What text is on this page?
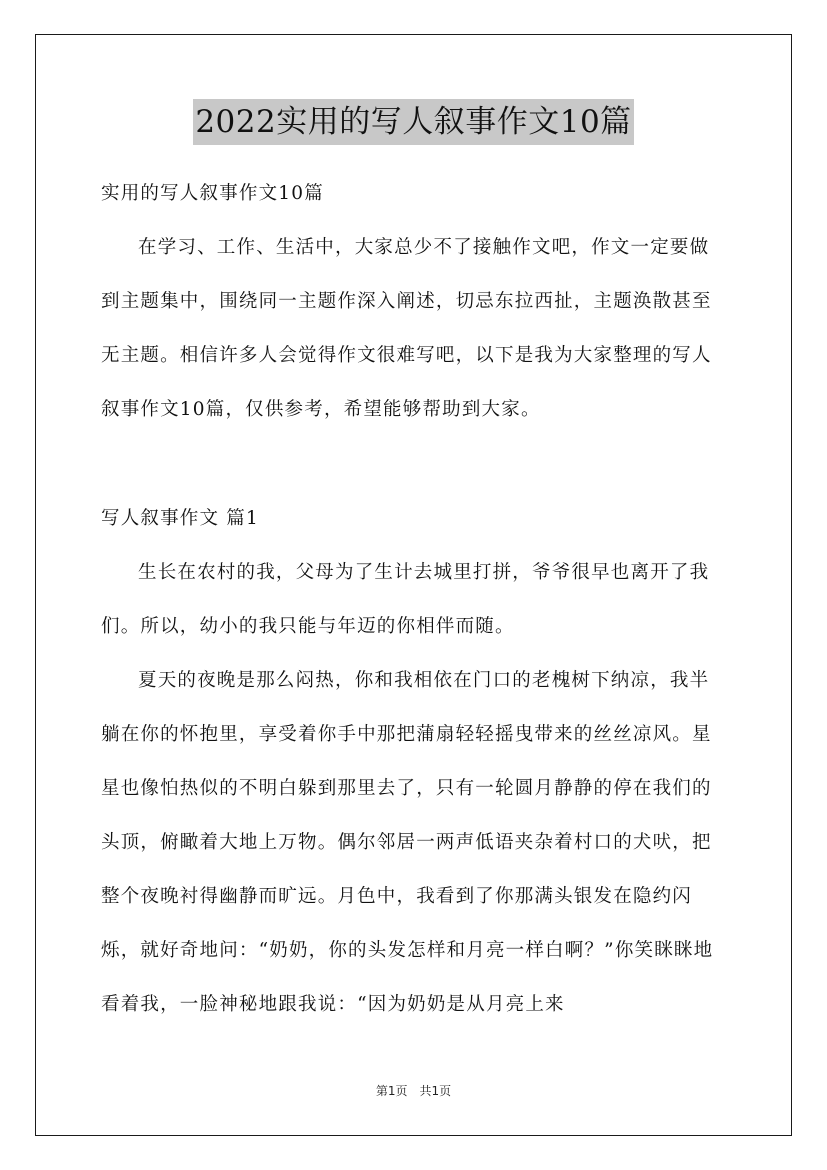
2022实用的写人叙事作文10篇

实用的写人叙事作文10篇

在学习、工作、生活中，大家总少不了接触作文吧，作文一定要做到主题集中，围绕同一主题作深入阐述，切忌东拉西扯，主题涣散甚至无主题。相信许多人会觉得作文很难写吧，以下是我为大家整理的写人叙事作文10篇，仅供参考，希望能够帮助到大家。

写人叙事作文 篇1

生长在农村的我，父母为了生计去城里打拼，爷爷很早也离开了我们。所以，幼小的我只能与年迈的你相伴而随。

夏天的夜晚是那么闷热，你和我相依在门口的老槐树下纳凉，我半躺在你的怀抱里，享受着你手中那把蒲扇轻轻摇曳带来的丝丝凉风。星星也像怕热似的不明白躲到那里去了，只有一轮圆月静静的停在我们的头顶，俯瞰着大地上万物。偶尔邻居一两声低语夹杂着村口的犬吠，把整个夜晚衬得幽静而旷远。月色中，我看到了你那满头银发在隐约闪烁，就好奇地问：“奶奶，你的头发怎样和月亮一样白啊？”你笑眯眯地看着我，一脸神秘地跟我说：“因为奶奶是从月亮上来

第1页 共1页
